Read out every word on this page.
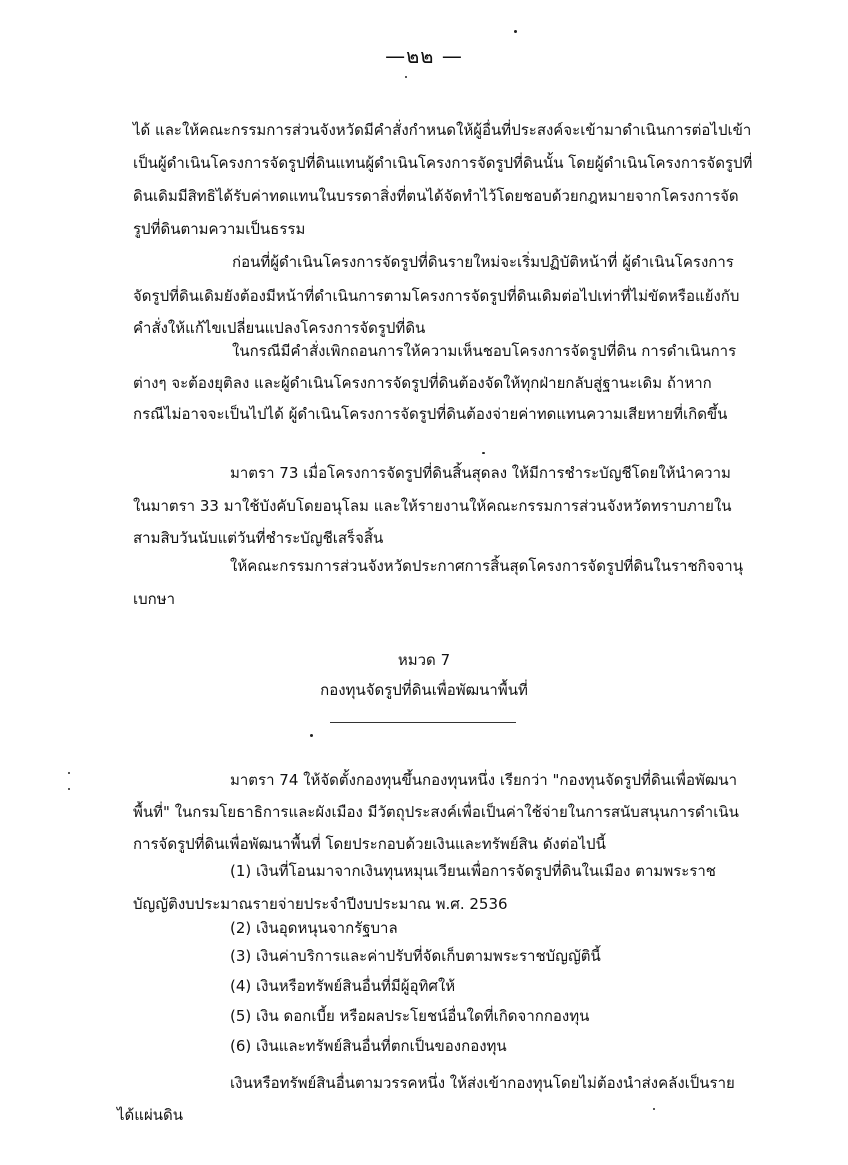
—๒๒ —
ได้ และให้คณะกรรมการส่วนจังหวัดมีคำสั่งกำหนดให้ผู้อื่นที่ประสงค์จะเข้ามาดำเนินการต่อไปเข้า
เป็นผู้ดำเนินโครงการจัดรูปที่ดินแทนผู้ดำเนินโครงการจัดรูปที่ดินนั้น โดยผู้ดำเนินโครงการจัดรูปที่
ดินเดิมมีสิทธิได้รับค่าทดแทนในบรรดาสิ่งที่ตนได้จัดทำไว้โดยชอบด้วยกฎหมายจากโครงการจัด
รูปที่ดินตามความเป็นธรรม
ก่อนที่ผู้ดำเนินโครงการจัดรูปที่ดินรายใหม่จะเริ่มปฏิบัติหน้าที่ ผู้ดำเนินโครงการ
จัดรูปที่ดินเดิมยังต้องมีหน้าที่ดำเนินการตามโครงการจัดรูปที่ดินเดิมต่อไปเท่าที่ไม่ขัดหรือแย้งกับ
คำสั่งให้แก้ไขเปลี่ยนแปลงโครงการจัดรูปที่ดิน
ในกรณีมีคำสั่งเพิกถอนการให้ความเห็นชอบโครงการจัดรูปที่ดิน การดำเนินการ
ต่างๆ จะต้องยุติลง และผู้ดำเนินโครงการจัดรูปที่ดินต้องจัดให้ทุกฝ่ายกลับสู่ฐานะเดิม ถ้าหาก
กรณีไม่อาจจะเป็นไปได้ ผู้ดำเนินโครงการจัดรูปที่ดินต้องจ่ายค่าทดแทนความเสียหายที่เกิดขึ้น
มาตรา 73 เมื่อโครงการจัดรูปที่ดินสิ้นสุดลง ให้มีการชำระบัญชีโดยให้นำความ
ในมาตรา 33 มาใช้บังคับโดยอนุโลม และให้รายงานให้คณะกรรมการส่วนจังหวัดทราบภายใน
สามสิบวันนับแต่วันที่ชำระบัญชีเสร็จสิ้น
ให้คณะกรรมการส่วนจังหวัดประกาศการสิ้นสุดโครงการจัดรูปที่ดินในราชกิจจานุ
เบกษา
หมวด 7
กองทุนจัดรูปที่ดินเพื่อพัฒนาพื้นที่
มาตรา 74 ให้จัดตั้งกองทุนขึ้นกองทุนหนึ่ง เรียกว่า "กองทุนจัดรูปที่ดินเพื่อพัฒนา
พื้นที่" ในกรมโยธาธิการและผังเมือง มีวัตถุประสงค์เพื่อเป็นค่าใช้จ่ายในการสนับสนุนการดำเนิน
การจัดรูปที่ดินเพื่อพัฒนาพื้นที่ โดยประกอบด้วยเงินและทรัพย์สิน ดังต่อไปนี้
(1) เงินที่โอนมาจากเงินทุนหมุนเวียนเพื่อการจัดรูปที่ดินในเมือง ตามพระราช
บัญญัติงบประมาณรายจ่ายประจำปีงบประมาณ พ.ศ. 2536
(2) เงินอุดหนุนจากรัฐบาล
(3) เงินค่าบริการและค่าปรับที่จัดเก็บตามพระราชบัญญัตินี้
(4) เงินหรือทรัพย์สินอื่นที่มีผู้อุทิศให้
(5) เงิน ดอกเบี้ย หรือผลประโยชน์อื่นใดที่เกิดจากกองทุน
(6) เงินและทรัพย์สินอื่นที่ตกเป็นของกองทุน
เงินหรือทรัพย์สินอื่นตามวรรคหนึ่ง ให้ส่งเข้ากองทุนโดยไม่ต้องนำส่งคลังเป็นราย
ได้แผ่นดิน
